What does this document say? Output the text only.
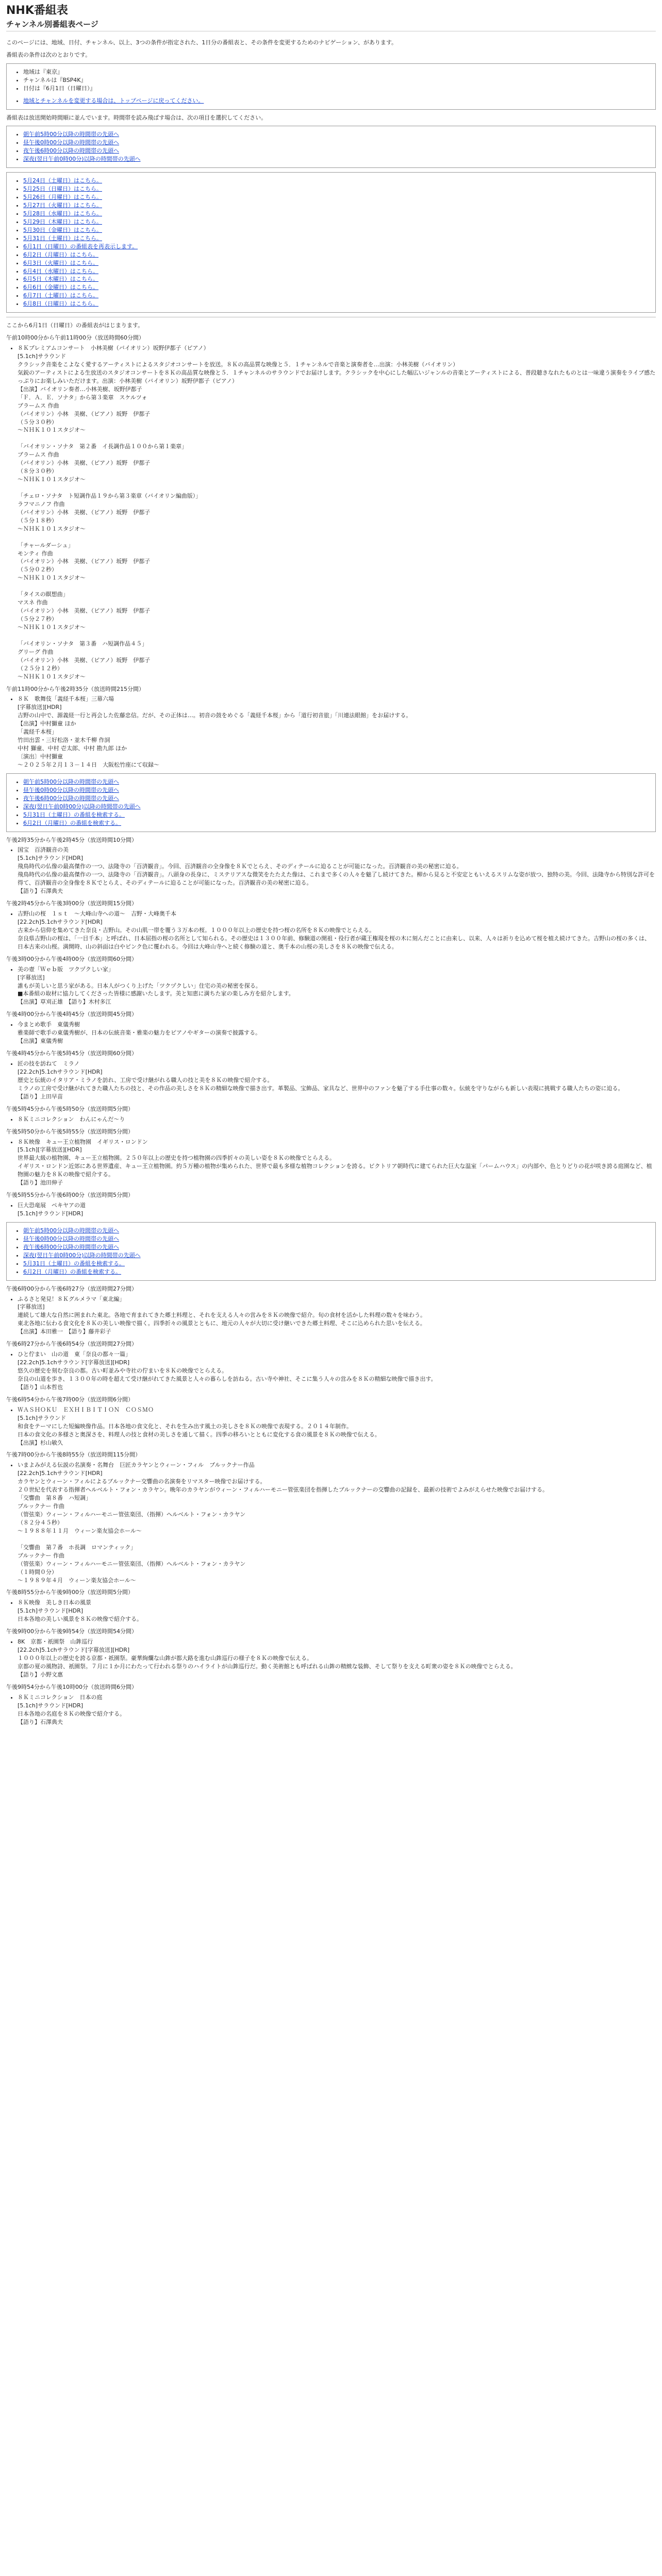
NHK番組表
チャンネル別番組表ページ

このページには、地域、日付、チャンネル、以上、3つの条件が指定された、1日分の番組表と、その条件を変更するためのナビゲーション、があります。

番組表の条件は次のとおりです。

• 地域は『東京』
• チャンネルは『BSP4K』
• 日付は『6月1日（日曜日）』
• 地域とチャンネルを変更する場合は、トップページに戻ってください。

番組表は放送開始時間順に並んでいます。時間帯を読み飛ばす場合は、次の項目を選択してください。

• 朝午前5時00分以降の時間帯の先頭へ
• 昼午後0時00分以降の時間帯の先頭へ
• 夜午後6時00分以降の時間帯の先頭へ
• 深夜(翌日午前0時00分)以降の時間帯の先頭へ
• 5月24日（土曜日）はこちら。
• 5月25日（日曜日）はこちら。
• 5月26日（月曜日）はこちら。
• 5月27日（火曜日）はこちら。
• 5月28日（水曜日）はこちら。
• 5月29日（木曜日）はこちら。
• 5月30日（金曜日）はこちら。
• 5月31日（土曜日）はこちら。
• 6月1日（日曜日）の番組表を再表示します。
• 6月2日（月曜日）はこちら。
• 6月3日（火曜日）はこちら。
• 6月4日（水曜日）はこちら。
• 6月5日（木曜日）はこちら。
• 6月6日（金曜日）はこちら。
• 6月7日（土曜日）はこちら。
• 6月8日（日曜日）はこちら。

ここから6月1日（日曜日）の番組表がはじまります。

午前10時00分から午前11時00分（放送時間60分間）

• ８Ｋプレミアムコンサート　小林美樹（バイオリン）坂野伊都子（ピアノ）
[5.1ch]サラウンド
クラシック音楽をこよなく愛するアーティストによるスタジオコンサートを放送。８Ｋの高品質な映像と５．１チャンネルで音楽と演奏者を…出演：小林美樹（バイオリン）
気鋭のアーティストによる生放送のスタジオコンサートを８Ｋの高品質な映像と５．１チャンネルのサラウンドでお届けします。クラシックを中心にした幅広いジャンルの音楽とアーティストによる、普段聴きなれたものとは一味違う演奏をライブ感たっぷりにお楽しみいただけます。出演：小林美樹（バイオリン）坂野伊都子（ピアノ）
【出演】バイオリン奏者…小林美樹、坂野伊都子
「Ｆ．Ａ．Ｅ．ソナタ」から第３楽章　スケルツォ
ブラームス 作曲
（バイオリン）小林　美樹、（ピアノ）坂野　伊都子
（５分３０秒）
～ＮＨＫ１０１スタジオ～

「バイオリン・ソナタ　第２番　イ長調作品１００から第１楽章」
ブラームス 作曲
（バイオリン）小林　美樹、（ピアノ）坂野　伊都子
（８分３０秒）
～ＮＨＫ１０１スタジオ～

「チェロ・ソナタ　ト短調作品１９から第３楽章（バイオリン編曲版）」
ラフマニノフ 作曲
（バイオリン）小林　美樹、（ピアノ）坂野　伊都子
（５分１８秒）
～ＮＨＫ１０１スタジオ～

「チャールダーシュ」
モンティ 作曲
（バイオリン）小林　美樹、（ピアノ）坂野　伊都子
（５分０２秒）
～ＮＨＫ１０１スタジオ～

「タイスの瞑想曲」
マスネ 作曲
（バイオリン）小林　美樹、（ピアノ）坂野　伊都子
（５分２７秒）
～ＮＨＫ１０１スタジオ～

「バイオリン・ソナタ　第３番　ハ短調作品４５」
グリーグ 作曲
（バイオリン）小林　美樹、（ピアノ）坂野　伊都子
（２５分１２秒）
～ＮＨＫ１０１スタジオ～

午前11時00分から午後2時35分（放送時間215分間）

• ８Ｋ　歌舞伎「義経千本桜」三幕六場
[字幕放送][HDR]
吉野の山中で、源義経一行と再会した佐藤忠信。だが、その正体は…。初音の鼓をめぐる「義経千本桜」から「道行初音旅」「川連法眼館」をお届けする。
【出演】中村獅童 ほか
「義経千本桜」
竹田出雲・三好松洛・並木千柳 作詞
中村 獅童、中村 壱太郎、中村 勘九郎 ほか
〔演出〕中村獅童
～２０２５年２月１３－１４日　大阪松竹座にて収録～
• 朝午前5時00分以降の時間帯の先頭へ
• 昼午後0時00分以降の時間帯の先頭へ
• 夜午後6時00分以降の時間帯の先頭へ
• 深夜(翌日午前0時00分)以降の時間帯の先頭へ
• 5月31日（土曜日）の番組を検索する。
• 6月2日（月曜日）の番組を検索する。

午後2時35分から午後2時45分（放送時間10分間）

• 国宝　百済観音の美
[5.1ch]サラウンド[HDR]
飛鳥時代の仏像の最高傑作の一つ、法隆寺の「百済観音」。今回、百済観音の全身像を８Ｋでとらえ、そのディテールに迫ることが可能になった。百済観音の美の秘密に迫る。
飛鳥時代の仏像の最高傑作の一つ、法隆寺の「百済観音」。八頭身の長身に、ミステリアスな微笑をたたえた像は、これまで多くの人々を魅了し続けてきた。柳から見ると不安定ともいえるスリムな姿が放つ、独特の美。今回、法隆寺から特別な許可を得て、百済観音の全身像を８Ｋでとらえ、そのディテールに迫ることが可能になった。百済観音の美の秘密に迫る。
【語り】石澤典夫

午後2時45分から午後3時00分（放送時間15分間）

• 吉野山の桜　１ｓｔ　～大峰山寺への道～　吉野・大峰奥千本
[22.2ch]5.1chサラウンド[HDR]
古来から信仰を集めてきた奈良・吉野山。その山肌一帯を覆う３万本の桜。１０００年以上の歴史を持つ桜の名所を８Ｋの映像でとらえる。
奈良県吉野山の桜は、「一目千本」と呼ばれ、日本屈指の桜の名所として知られる。その歴史は１３００年前、修験道の開祖・役行者が蔵王権現を桜の木に刻んだことに由来し、以来、人々は祈りを込めて桜を植え続けてきた。吉野山の桜の多くは、日本古来の山桜。満開時、山の斜面は白やピンク色に覆われる。今回は大峰山寺へと続く修験の道と、奥千本の山桜の美しさを８Ｋの映像で伝える。

午後3時00分から午後4時00分（放送時間60分間）

• 美の壺「Ｗｅｂ版　ツクヅクしい家」
[字幕放送]
誰もが美しいと思う家がある。日本人がつくり上げた「ツクヅクしい」住宅の美の秘密を探る。
■本番組の取材に協力してくださった皆様に感謝いたします。美と知恵に満ちた家の楽しみ方を紹介します。
【出演】草刈正雄　【語り】木村多江

午後4時00分から午後4時45分（放送時間45分間）

• 今まとめ歌手　東儀秀樹
雅楽師で歌手の東儀秀樹が、日本の伝統音楽・雅楽の魅力をピアノやギターの演奏で披露する。
【出演】東儀秀樹

午後4時45分から午後5時45分（放送時間60分間）

• 匠の技を訪ねて　ミラノ
[22.2ch]5.1chサラウンド[HDR]
歴史と伝統のイタリア・ミラノを訪れ、工房で受け継がれる職人の技と美を８Ｋの映像で紹介する。
ミラノの工房で受け継がれてきた職人たちの技と、その作品の美しさを８Ｋの精細な映像で描き出す。革製品、宝飾品、家具など、世界中のファンを魅了する手仕事の数々。伝統を守りながらも新しい表現に挑戦する職人たちの姿に迫る。
【語り】上田早苗

午後5時45分から午後5時50分（放送時間5分間）

• ８Ｋミニコレクション　わんにゃんだ～り

午後5時50分から午後5時55分（放送時間5分間）

• ８Ｋ映像　キュー王立植物園　イギリス・ロンドン
[5.1ch][字幕放送][HDR]
世界最大級の植物園、キュー王立植物園。２５０年以上の歴史を持つ植物園の四季折々の美しい姿を８Ｋの映像でとらえる。
イギリス・ロンドン近郊にある世界遺産、キュー王立植物園。約５万種の植物が集められた、世界で最も多様な植物コレクションを誇る。ビクトリア朝時代に建てられた巨大な温室「パームハウス」の内部や、色とりどりの花が咲き誇る庭園など、植物園の魅力を８Ｋの映像で紹介する。
【語り】池田伸子

午後5時55分から午後6時00分（放送時間5分間）

• 巨大恐竜展　ペキヤアの道
[5.1ch]サラウンド[HDR]
• 朝午前5時00分以降の時間帯の先頭へ
• 昼午後0時00分以降の時間帯の先頭へ
• 夜午後6時00分以降の時間帯の先頭へ
• 深夜(翌日午前0時00分)以降の時間帯の先頭へ
• 5月31日（土曜日）の番組を検索する。
• 6月2日（月曜日）の番組を検索する。

午後6時00分から午後6時27分（放送時間27分間）

• ふるさと発見！８Ｋグルメラマ「東北編」
[字幕放送]
連続して雄大な自然に囲まれた東北。各地で育まれてきた郷土料理と、それを支える人々の営みを８Ｋの映像で紹介。旬の食材を活かした料理の数々を味わう。
東北各地に伝わる食文化を８Ｋの美しい映像で描く。四季折々の風景とともに、地元の人々が大切に受け継いできた郷土料理、そこに込められた思いを伝える。
【出演】本田雅一　【語り】藤井彩子

午後6時27分から午後6時54分（放送時間27分間）

• ひと佇まい　山の道　東「奈良の都々一篇」
[22.2ch]5.1chサラウンド[字幕放送][HDR]
悠久の歴史を刻む奈良の都。古い町並みや寺社の佇まいを８Ｋの映像でとらえる。
奈良の山道を歩き、１３００年の時を超えて受け継がれてきた風景と人々の暮らしを訪ねる。古い寺や神社、そこに集う人々の営みを８Ｋの精細な映像で描き出す。
【語り】山本哲也

午後6時54分から午後7時00分（放送時間6分間）

• ＷＡＳＨＯＫＵ　ＥＸＨＩＢＩＴＩＯＮ　ＣＯＳＭＯ
[5.1ch]サラウンド
和食をテーマにした短編映像作品。日本各地の食文化と、それを生み出す風土の美しさを８Ｋの映像で表現する。２０１４年制作。
日本の食文化の多様さと奥深さを、料理人の技と食材の美しさを通して描く。四季の移ろいとともに変化する食の風景を８Ｋの映像で伝える。
【出演】杉山敏久

午後7時00分から午後8時55分（放送時間115分間）

• いまよみがえる伝説の名演奏・名舞台　巨匠カラヤンとウィーン・フィル　ブルックナー作品
[22.2ch]5.1chサラウンド[HDR]
カラヤンとウィーン・フィルによるブルックナー交響曲の名演奏をリマスター映像でお届けする。
２０世紀を代表する指揮者ヘルベルト・フォン・カラヤン。晩年のカラヤンがウィーン・フィルハーモニー管弦楽団を指揮したブルックナーの交響曲の記録を、最新の技術でよみがえらせた映像でお届けする。
「交響曲　第８番　ハ短調」
ブルックナー 作曲
（管弦楽）ウィーン・フィルハーモニー管弦楽団、（指揮）ヘルベルト・フォン・カラヤン
（８２分４５秒）
～１９８８年１１月　ウィーン楽友協会ホール～

「交響曲　第７番　ホ長調　ロマンティック」
ブルックナー 作曲
（管弦楽）ウィーン・フィルハーモニー管弦楽団、（指揮）ヘルベルト・フォン・カラヤン
（１時間０分）
～１９８９年４月　ウィーン楽友協会ホール～

午後8時55分から午後9時00分（放送時間5分間）

• ８Ｋ映像　美しき日本の風景
[5.1ch]サラウンド[HDR]
日本各地の美しい風景を８Ｋの映像で紹介する。

午後9時00分から午後9時54分（放送時間54分間）

• 8K　京都・祇園祭　山鉾巡行
[22.2ch]5.1chサラウンド[字幕放送][HDR]
１０００年以上の歴史を誇る京都・祇園祭。豪華絢爛な山鉾が都大路を進む山鉾巡行の様子を８Ｋの映像で伝える。
京都の夏の風物詩、祇園祭。７月に１か月にわたって行われる祭りのハイライトが山鉾巡行だ。動く美術館とも呼ばれる山鉾の精緻な装飾、そして祭りを支える町衆の姿を８Ｋの映像でとらえる。
【語り】小野文惠

午後9時54分から午後10時00分（放送時間6分間）

• ８Ｋミニコレクション　日本の庭
[5.1ch]サラウンド[HDR]
日本各地の名庭を８Ｋの映像で紹介する。
【語り】石澤典夫
